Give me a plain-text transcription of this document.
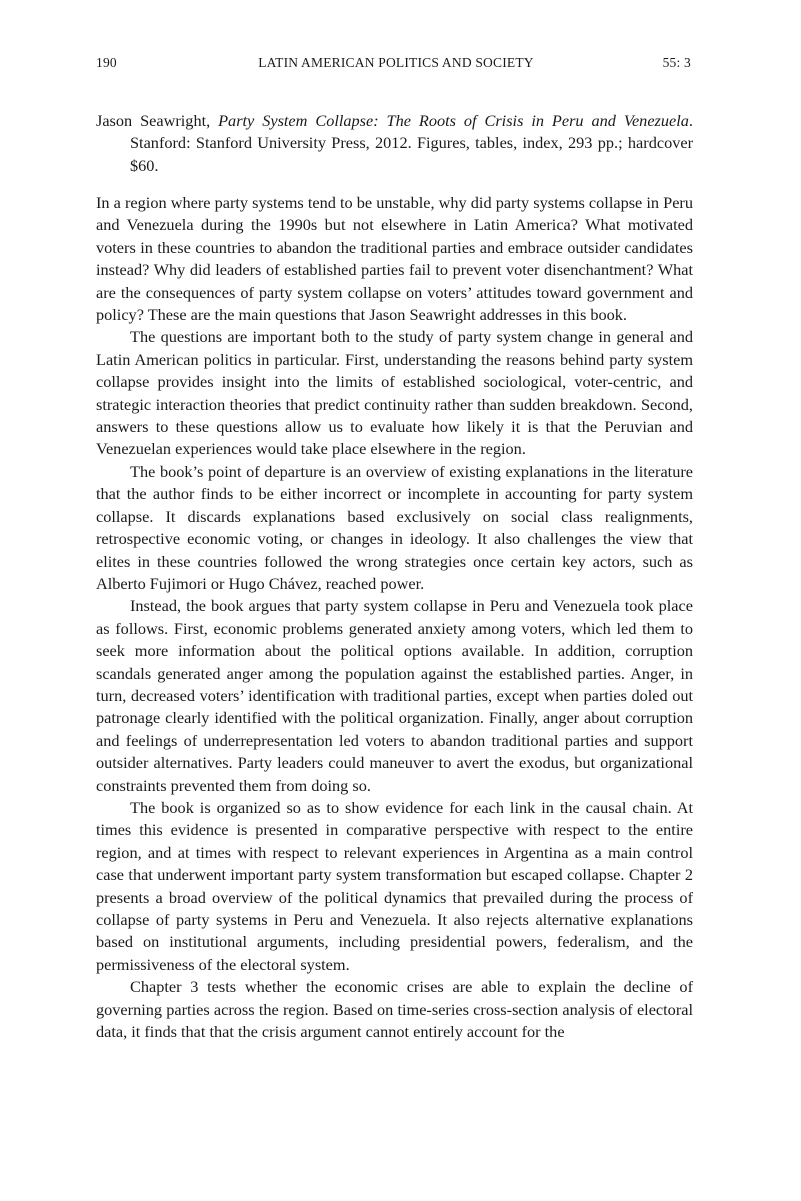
190	LATIN AMERICAN POLITICS AND SOCIETY	55: 3
Jason Seawright, Party System Collapse: The Roots of Crisis in Peru and Venezuela. Stanford: Stanford University Press, 2012. Figures, tables, index, 293 pp.; hardcover $60.

In a region where party systems tend to be unstable, why did party systems collapse in Peru and Venezuela during the 1990s but not elsewhere in Latin America? What motivated voters in these countries to abandon the traditional parties and embrace outsider candidates instead? Why did leaders of established parties fail to prevent voter disenchantment? What are the consequences of party system collapse on voters’ attitudes toward government and policy? These are the main questions that Jason Seawright addresses in this book.

The questions are important both to the study of party system change in general and Latin American politics in particular. First, understanding the reasons behind party system collapse provides insight into the limits of established sociological, voter-centric, and strategic interaction theories that predict continuity rather than sudden breakdown. Second, answers to these questions allow us to evaluate how likely it is that the Peruvian and Venezuelan experiences would take place elsewhere in the region.

The book’s point of departure is an overview of existing explanations in the literature that the author finds to be either incorrect or incomplete in accounting for party system collapse. It discards explanations based exclusively on social class realignments, retrospective economic voting, or changes in ideology. It also challenges the view that elites in these countries followed the wrong strategies once certain key actors, such as Alberto Fujimori or Hugo Chávez, reached power.

Instead, the book argues that party system collapse in Peru and Venezuela took place as follows. First, economic problems generated anxiety among voters, which led them to seek more information about the political options available. In addition, corruption scandals generated anger among the population against the established parties. Anger, in turn, decreased voters’ identification with traditional parties, except when parties doled out patronage clearly identified with the political organization. Finally, anger about corruption and feelings of underrepresentation led voters to abandon traditional parties and support outsider alternatives. Party leaders could maneuver to avert the exodus, but organizational constraints prevented them from doing so.

The book is organized so as to show evidence for each link in the causal chain. At times this evidence is presented in comparative perspective with respect to the entire region, and at times with respect to relevant experiences in Argentina as a main control case that underwent important party system transformation but escaped collapse. Chapter 2 presents a broad overview of the political dynamics that prevailed during the process of collapse of party systems in Peru and Venezuela. It also rejects alternative explanations based on institutional arguments, including presidential powers, federalism, and the permissiveness of the electoral system.

Chapter 3 tests whether the economic crises are able to explain the decline of governing parties across the region. Based on time-series cross-section analysis of electoral data, it finds that that the crisis argument cannot entirely account for the
